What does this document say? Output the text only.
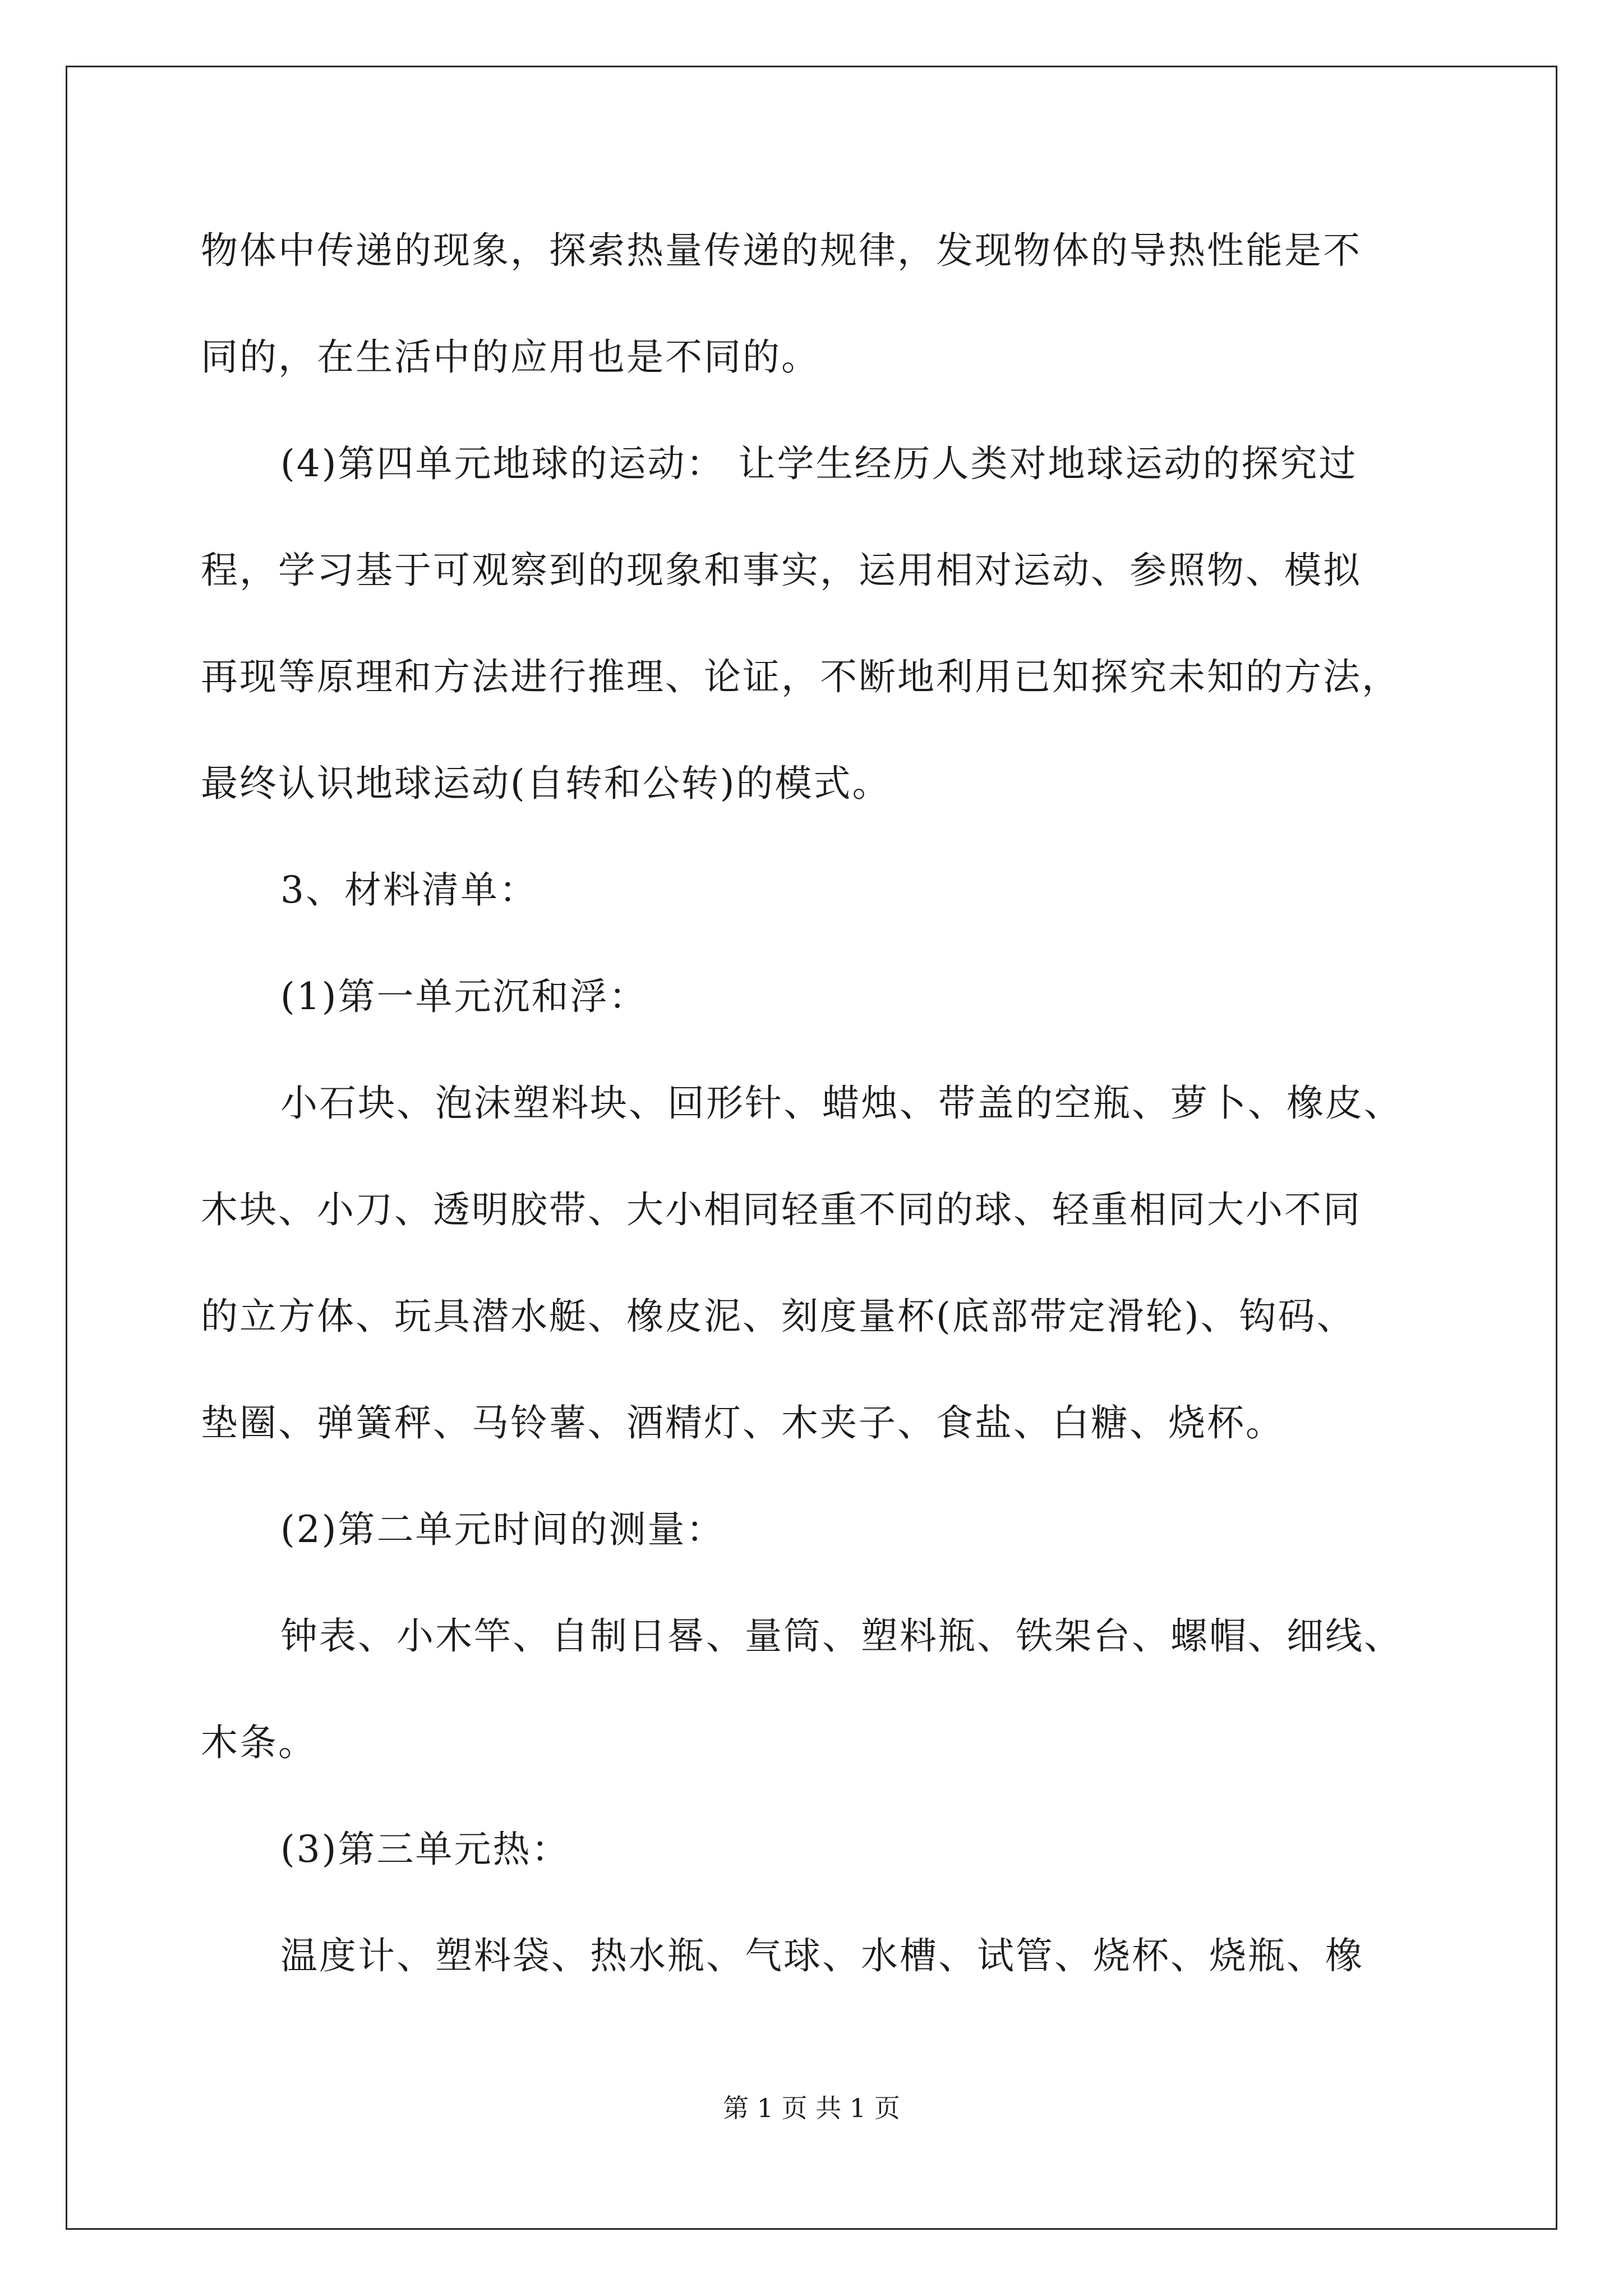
物体中传递的现象，探索热量传递的规律，发现物体的导热性能是不
同的，在生活中的应用也是不同的。
(4)第四单元地球的运动： 让学生经历人类对地球运动的探究过
程，学习基于可观察到的现象和事实，运用相对运动、参照物、模拟
再现等原理和方法进行推理、论证，不断地利用已知探究未知的方法，
最终认识地球运动(自转和公转)的模式。
3、材料清单：
(1)第一单元沉和浮：
小石块、泡沫塑料块、回形针、蜡烛、带盖的空瓶、萝卜、橡皮、
木块、小刀、透明胶带、大小相同轻重不同的球、轻重相同大小不同
的立方体、玩具潜水艇、橡皮泥、刻度量杯(底部带定滑轮)、钩码、
垫圈、弹簧秤、马铃薯、酒精灯、木夹子、食盐、白糖、烧杯。
(2)第二单元时间的测量：
钟表、小木竿、自制日晷、量筒、塑料瓶、铁架台、螺帽、细线、
木条。
(3)第三单元热：
温度计、塑料袋、热水瓶、气球、水槽、试管、烧杯、烧瓶、橡
第 1 页 共 1 页
